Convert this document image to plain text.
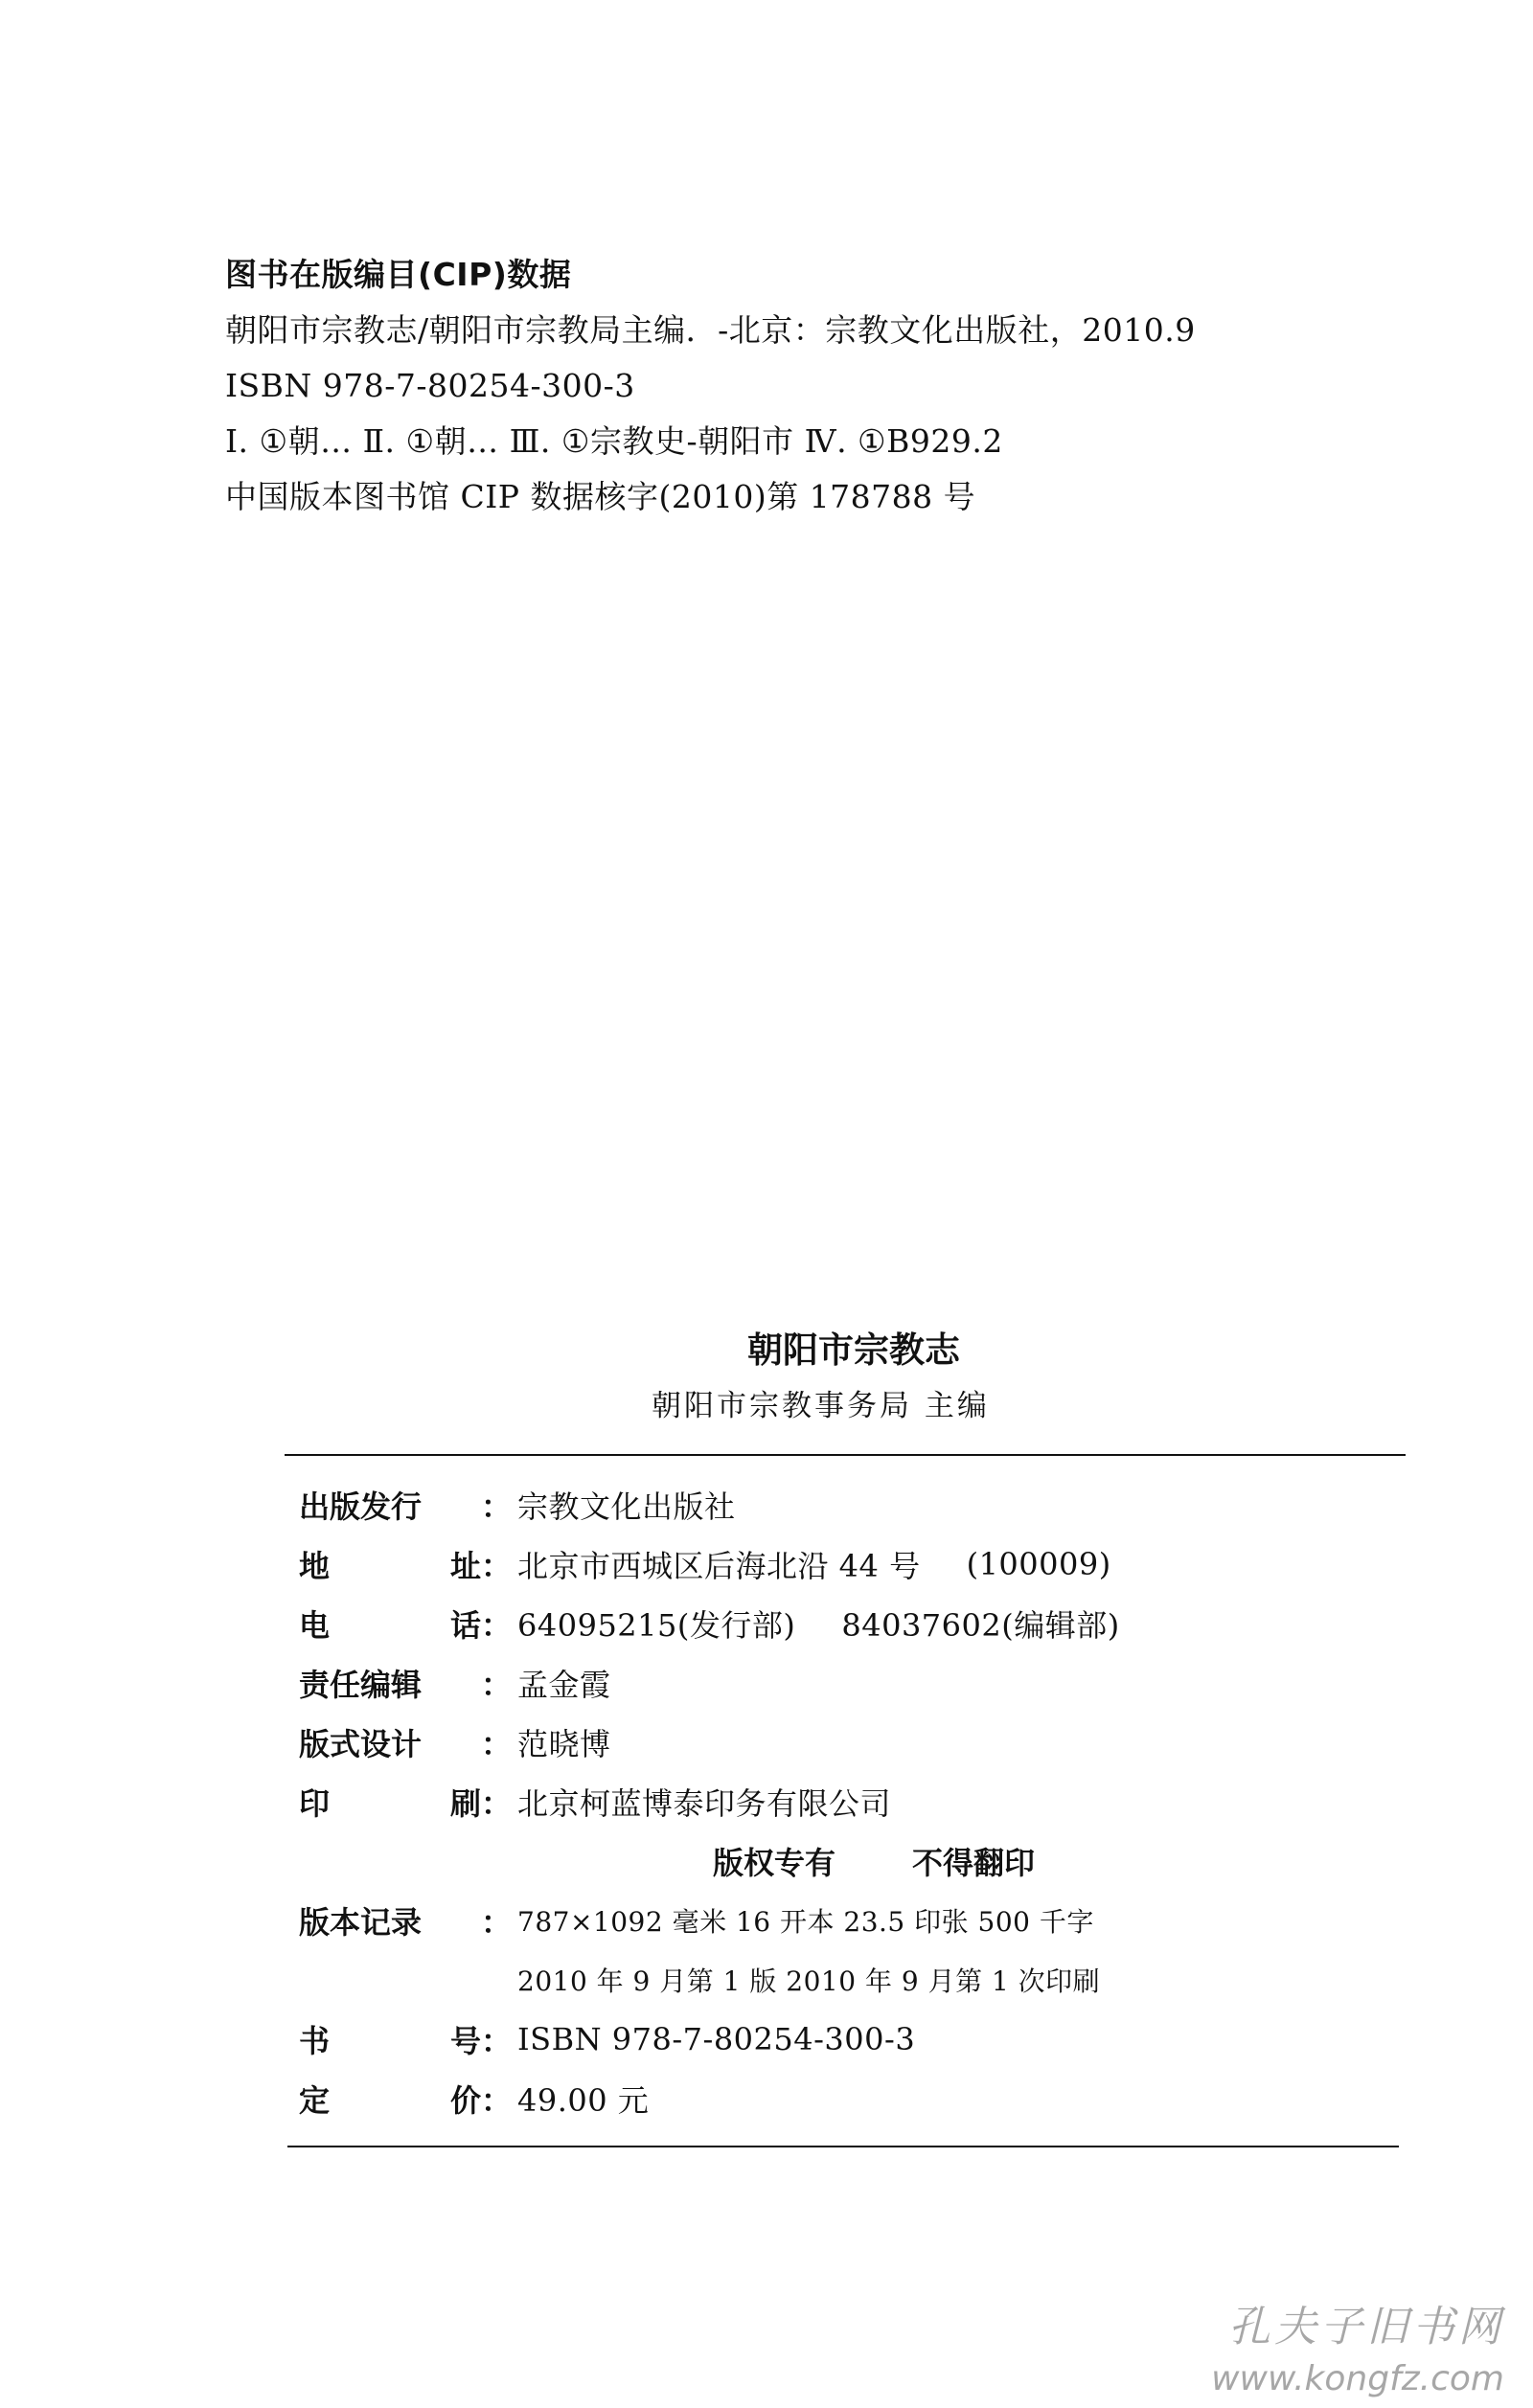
图书在版编目(CIP)数据
朝阳市宗教志/朝阳市宗教局主编．-北京：宗教文化出版社，2010.9
ISBN 978-7-80254-300-3
Ⅰ. ①朝… Ⅱ. ①朝… Ⅲ. ①宗教史-朝阳市 Ⅳ. ①B929.2
中国版本图书馆 CIP 数据核字(2010)第 178788 号
朝阳市宗教志
朝阳市宗教事务局 主编
出版发行	： 宗教文化出版社
地	址 ： 北京市西城区后海北沿 44 号 (100009)
电	话 ： 64095215(发行部) 84037602(编辑部)
责任编辑	： 孟金霞
版式设计	： 范晓博
印	刷 ： 北京柯蓝博泰印务有限公司
版权专有	不得翻印
版本记录	： 787×1092 毫米 16 开本 23.5 印张 500 千字
2010 年 9 月第 1 版 2010 年 9 月第 1 次印刷
书	号 ： ISBN 978-7-80254-300-3
定	价 ： 49.00 元
孔夫子旧书网
www.kongfz.com
